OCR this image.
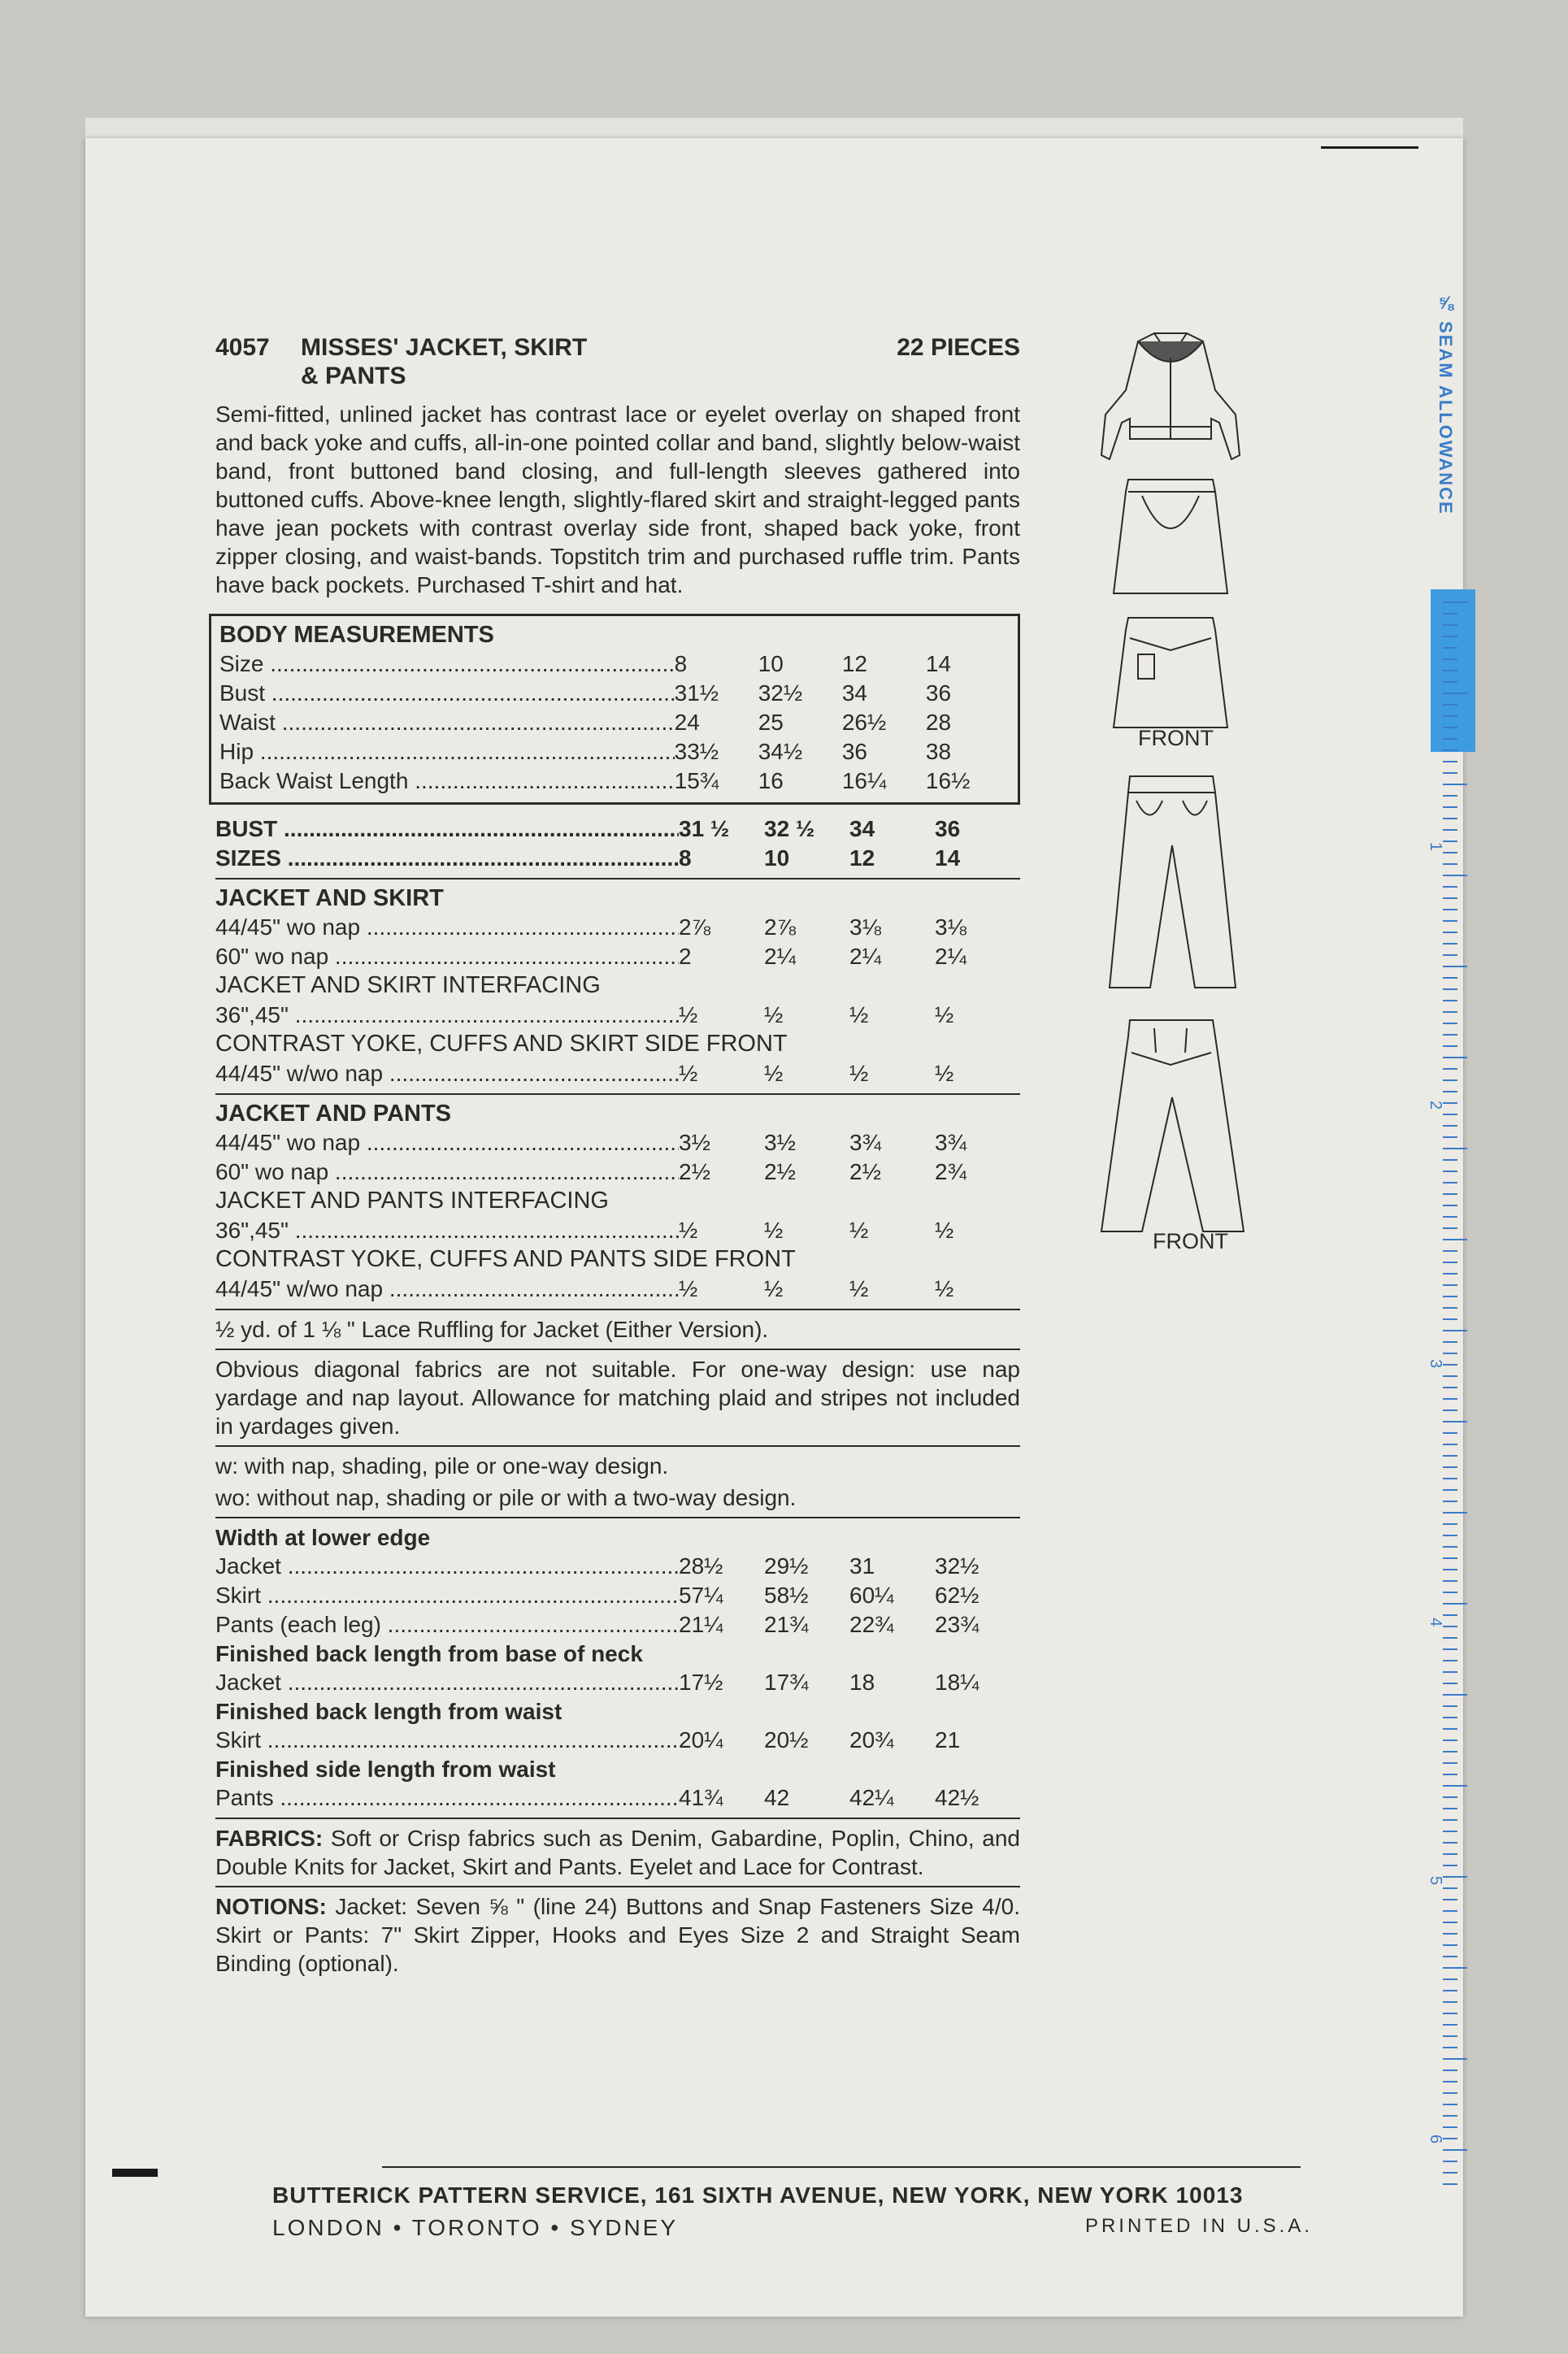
⅝ SEAM ALLOWANCE
1
2
3
4
5
6
4057	MISSES' JACKET, SKIRT
& PANTS
22 PIECES
Semi-fitted, unlined jacket has contrast lace or eyelet overlay on shaped front and back yoke and cuffs, all-in-one pointed collar and band, slightly below-waist band, front buttoned band closing, and full-length sleeves gathered into buttoned cuffs. Above-knee length, slightly-flared skirt and straight-legged pants have jean pockets with contrast overlay side front, shaped back yoke, front zipper closing, and waist-bands. Topstitch trim and purchased ruffle trim. Pants have back pockets. Purchased T-shirt and hat.
BODY MEASUREMENTS
Size .....	8	10	12	14
Bust .....	31½	32½	34	36
Waist .....	24	25	26½	28
Hip .....	33½	34½	36	38
Back Waist Length .....	15¾	16	16¼	16½
BUST .....	31 ½	32 ½	34	36
SIZES .....	8	10	12	14
JACKET AND SKIRT
44/45" wo nap .....	2⅞	2⅞	3⅛	3⅛
60" wo nap .....	2	2¼	2¼	2¼
JACKET AND SKIRT INTERFACING
36",45" .....	½	½	½	½
CONTRAST YOKE, CUFFS AND SKIRT SIDE FRONT
44/45" w/wo nap .....	½	½	½	½
JACKET AND PANTS
44/45" wo nap .....	3½	3½	3¾	3¾
60" wo nap .....	2½	2½	2½	2¾
JACKET AND PANTS INTERFACING
36",45" .....	½	½	½	½
CONTRAST YOKE, CUFFS AND PANTS SIDE FRONT
44/45" w/wo nap .....	½	½	½	½
½ yd. of 1 ⅛ " Lace Ruffling for Jacket (Either Version).
Obvious diagonal fabrics are not suitable. For one-way design: use nap yardage and nap layout. Allowance for matching plaid and stripes not included in yardages given.
w: with nap, shading, pile or one-way design.
wo: without nap, shading or pile or with a two-way design.
Width at lower edge
Jacket .....	28½	29½	31	32½
Skirt .....	57¼	58½	60¼	62½
Pants (each leg) .....	21¼	21¾	22¾	23¾
Finished back length from base of neck
Jacket .....	17½	17¾	18	18¼
Finished back length from waist
Skirt .....	20¼	20½	20¾	21
Finished side length from waist
Pants .....	41¾	42	42¼	42½
FABRICS: Soft or Crisp fabrics such as Denim, Gabardine, Poplin, Chino, and Double Knits for Jacket, Skirt and Pants. Eyelet and Lace for Contrast.
NOTIONS: Jacket: Seven ⅝ " (line 24) Buttons and Snap Fasteners Size 4/0. Skirt or Pants: 7" Skirt Zipper, Hooks and Eyes Size 2 and Straight Seam Binding (optional).
FRONT
FRONT
BUTTERICK PATTERN SERVICE, 161 SIXTH AVENUE, NEW YORK, NEW YORK 10013
LONDON • TORONTO • SYDNEY	PRINTED IN U.S.A.
